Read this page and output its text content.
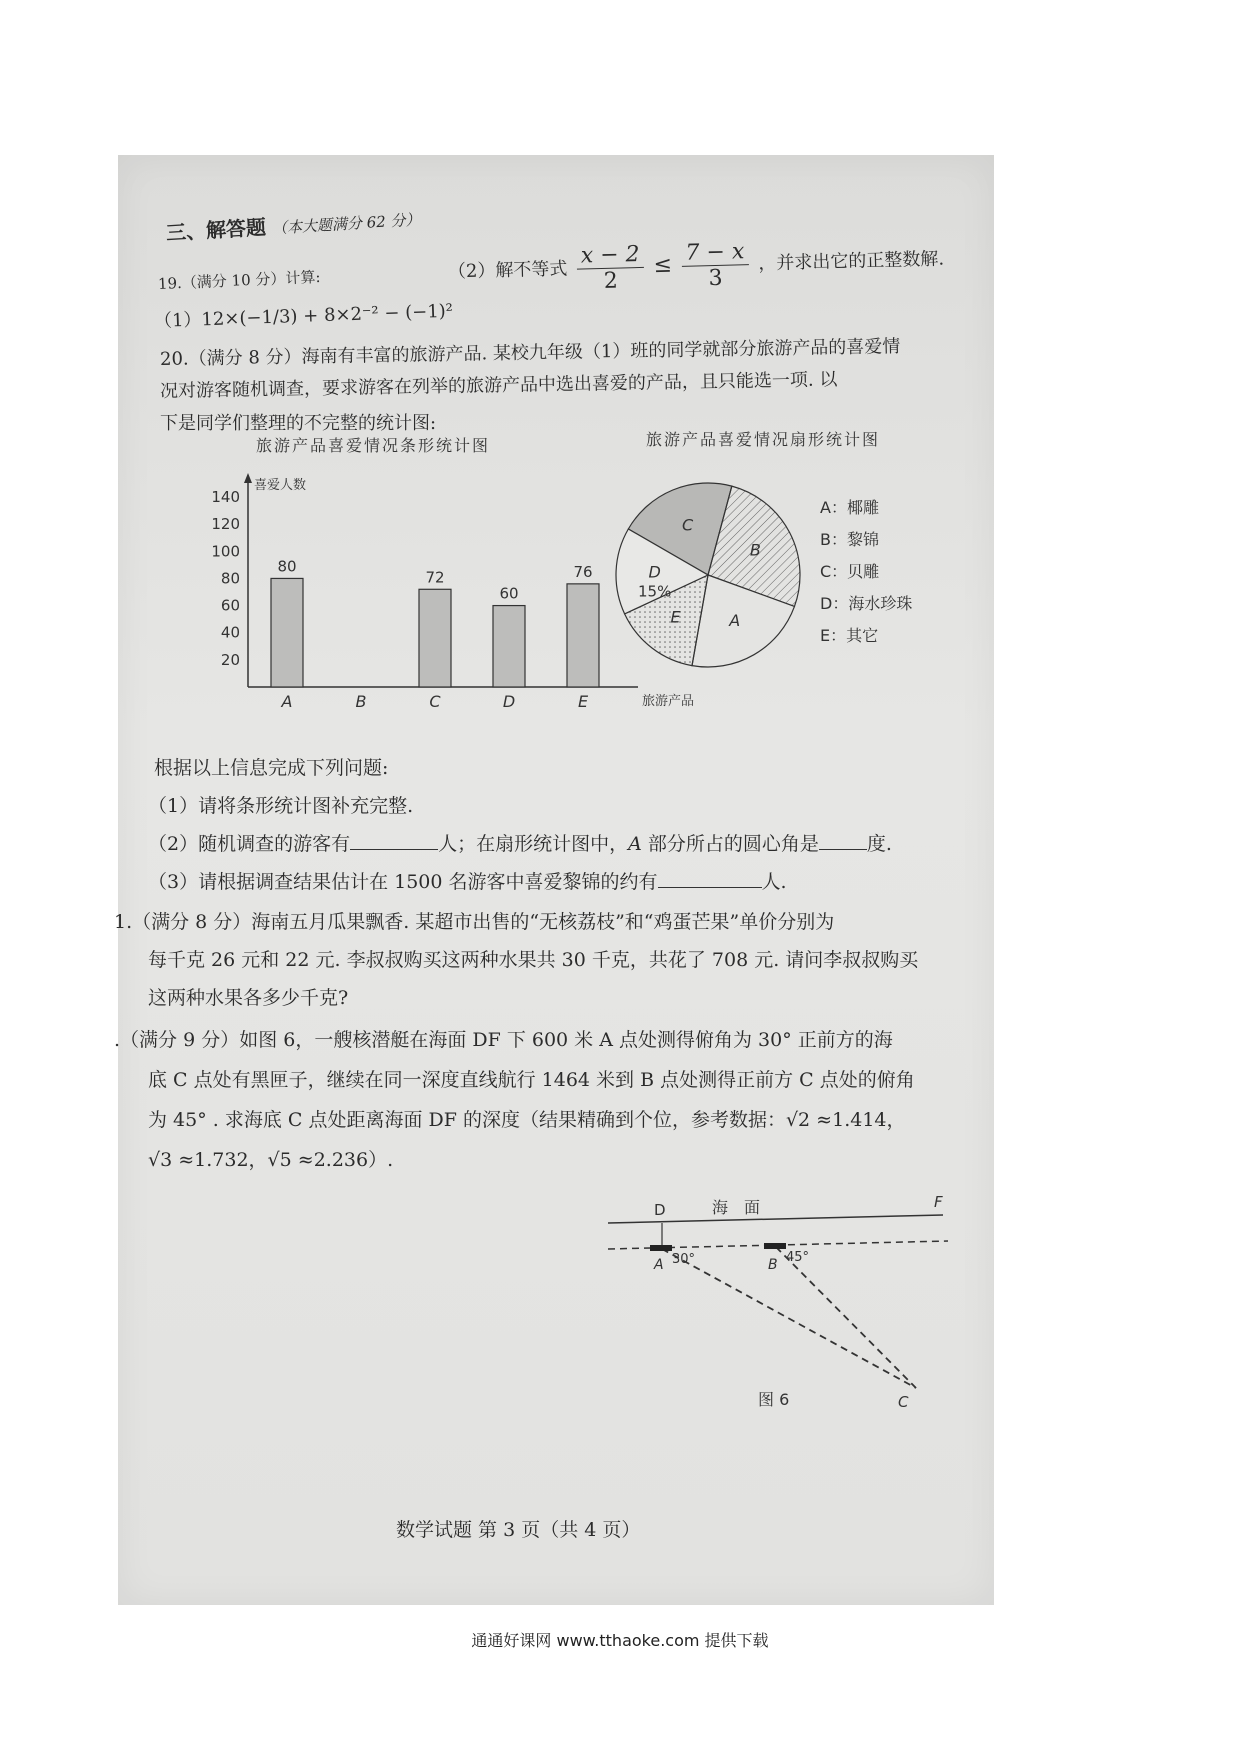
三、解答题 （本大题满分 62 分）
19.（满分 10 分）计算:
（1）12×(−1/3) + 8×2⁻² − (−1)²
（2）解不等式 $\frac{x - 2}{2} \le \frac{7 - x}{3}$ ，并求出它的正整数解.
20.（满分 8 分）海南有丰富的旅游产品. 某校九年级（1）班的同学就部分旅游产品的喜爱情
况对游客随机调查，要求游客在列举的旅游产品中选出喜爱的产品，且只能选一项. 以
下是同学们整理的不完整的统计图:
旅游产品喜爱情况条形统计图	旅游产品喜爱情况扇形统计图
喜爱人数
旅游产品
20
40
60
80
100
120
140
80
A	B
72
C
60
D
76
E
C
B
A
E
D
15%
A：椰雕
B：黎锦
C：贝雕
D：海水珍珠
E：其它
根据以上信息完成下列问题:
（1）请将条形统计图补充完整.
（2）随机调查的游客有	人；在扇形统计图中，A 部分所占的圆心角是	度.
（3）请根据调查结果估计在 1500 名游客中喜爱黎锦的约有	人.
1.（满分 8 分）海南五月瓜果飘香. 某超市出售的“无核荔枝”和“鸡蛋芒果”单价分别为
每千克 26 元和 22 元. 李叔叔购买这两种水果共 30 千克，共花了 708 元. 请问李叔叔购买
这两种水果各多少千克?
.（满分 9 分）如图 6，一艘核潜艇在海面 DF 下 600 米 A 点处测得俯角为 30° 正前方的海
底 C 点处有黑匣子，继续在同一深度直线航行 1464 米到 B 点处测得正前方 C 点处的俯角
为 45° . 求海底 C 点处距离海面 DF 的深度（结果精确到个位，参考数据：√2 ≈1.414，
√3 ≈1.732，√5 ≈2.236）.
D	海　面	F
A 30°	B 45°
C
图 6
数学试题 第 3 页（共 4 页）
通通好课网 www.tthaoke.com 提供下载
